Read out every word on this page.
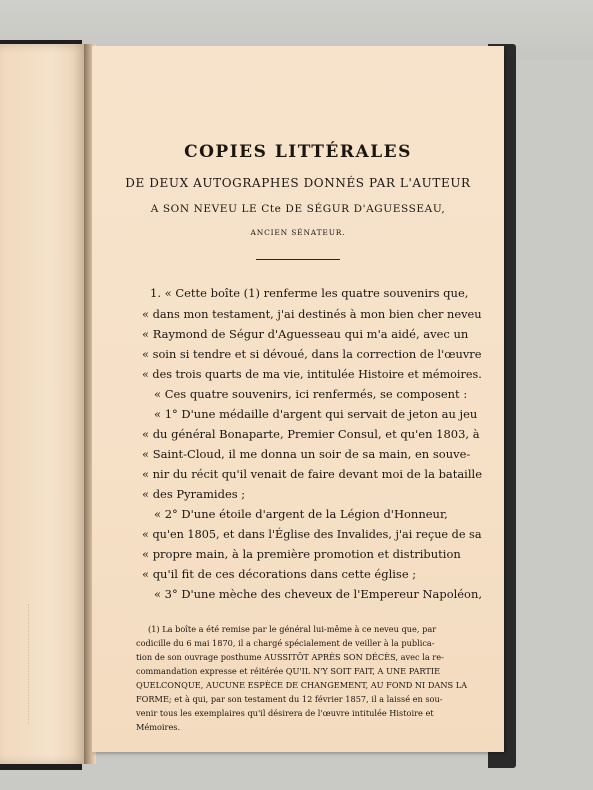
COPIES LITTÉRALES
DE DEUX AUTOGRAPHES DONNÉS PAR L'AUTEUR
A SON NEVEU LE Cte DE SÉGUR D'AGUESSEAU,
ANCIEN SÉNATEUR.
1. « Cette boîte (1) renferme les quatre souvenirs que,
« dans mon testament, j'ai destinés à mon bien cher neveu
« Raymond de Ségur d'Aguesseau qui m'a aidé, avec un
« soin si tendre et si dévoué, dans la correction de l'œuvre
« des trois quarts de ma vie, intitulée Histoire et mémoires.
« Ces quatre souvenirs, ici renfermés, se composent :
« 1° D'une médaille d'argent qui servait de jeton au jeu
« du général Bonaparte, Premier Consul, et qu'en 1803, à
« Saint-Cloud, il me donna un soir de sa main, en souve-
« nir du récit qu'il venait de faire devant moi de la bataille
« des Pyramides ;
« 2° D'une étoile d'argent de la Légion d'Honneur,
« qu'en 1805, et dans l'Église des Invalides, j'ai reçue de sa
« propre main, à la première promotion et distribution
« qu'il fit de ces décorations dans cette église ;
« 3° D'une mèche des cheveux de l'Empereur Napoléon,
(1) La boîte a été remise par le général lui-même à ce neveu que, par
codicille du 6 mai 1870, il a chargé spécialement de veiller à la publica-
tion de son ouvrage posthume AUSSITÔT APRÈS SON DÉCÈS, avec la re-
commandation expresse et réitérée QU'IL N'Y SOIT FAIT, A UNE PARTIE
QUELCONQUE, AUCUNE ESPÈCE DE CHANGEMENT, AU FOND NI DANS LA
FORME; et à qui, par son testament du 12 février 1857, il a laissé en sou-
venir tous les exemplaires qu'il désirera de l'œuvre intitulée Histoire et
Mémoires.
